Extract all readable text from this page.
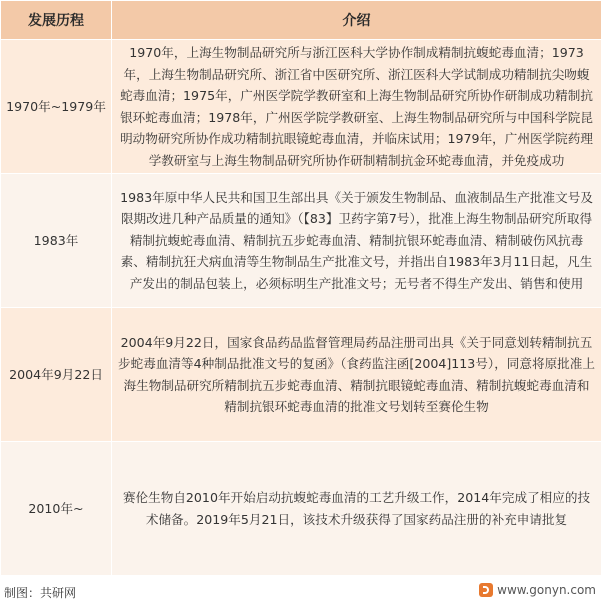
发展历程	介绍
1970年~1979年	1970年，上海生物制品研究所与浙江医科大学协作制成精制抗蝮蛇毒血清；1973年，上海生物制品研究所、浙江省中医研究所、浙江医科大学试制成功精制抗尖吻蝮蛇毒血清；1975年，广州医学院学教研室和上海生物制品研究所协作研制成功精制抗银环蛇毒血清；1978年，广州医学院学教研室、上海生物制品研究所与中国科学院昆明动物研究所协作成功精制抗眼镜蛇毒血清，并临床试用；1979年，广州医学院药理学教研室与上海生物制品研究所协作研制精制抗金环蛇毒血清，并免疫成功
1983年	1983年原中华人民共和国卫生部出具《关于颁发生物制品、血液制品生产批准文号及限期改进几种产品质量的通知》（【83】卫药字第7号），批准上海生物制品研究所取得精制抗蝮蛇毒血清、精制抗五步蛇毒血清、精制抗银环蛇毒血清、精制破伤风抗毒素、精制抗狂犬病血清等生物制品生产批准文号，并指出自1983年3月11日起，凡生产发出的制品包装上，必须标明生产批准文号；无号者不得生产发出、销售和使用
2004年9月22日	2004年9月22日，国家食品药品监督管理局药品注册司出具《关于同意划转精制抗五步蛇毒血清等4种制品批准文号的复函》（食药监注函[2004]113号），同意将原批准上海生物制品研究所精制抗五步蛇毒血清、精制抗眼镜蛇毒血清、精制抗蝮蛇毒血清和精制抗银环蛇毒血清的批准文号划转至赛伦生物
2010年~	赛伦生物自2010年开始启动抗蝮蛇毒血清的工艺升级工作，2014年完成了相应的技术储备。2019年5月21日，该技术升级获得了国家药品注册的补充申请批复
制图：共研网	www.gonyn.com
